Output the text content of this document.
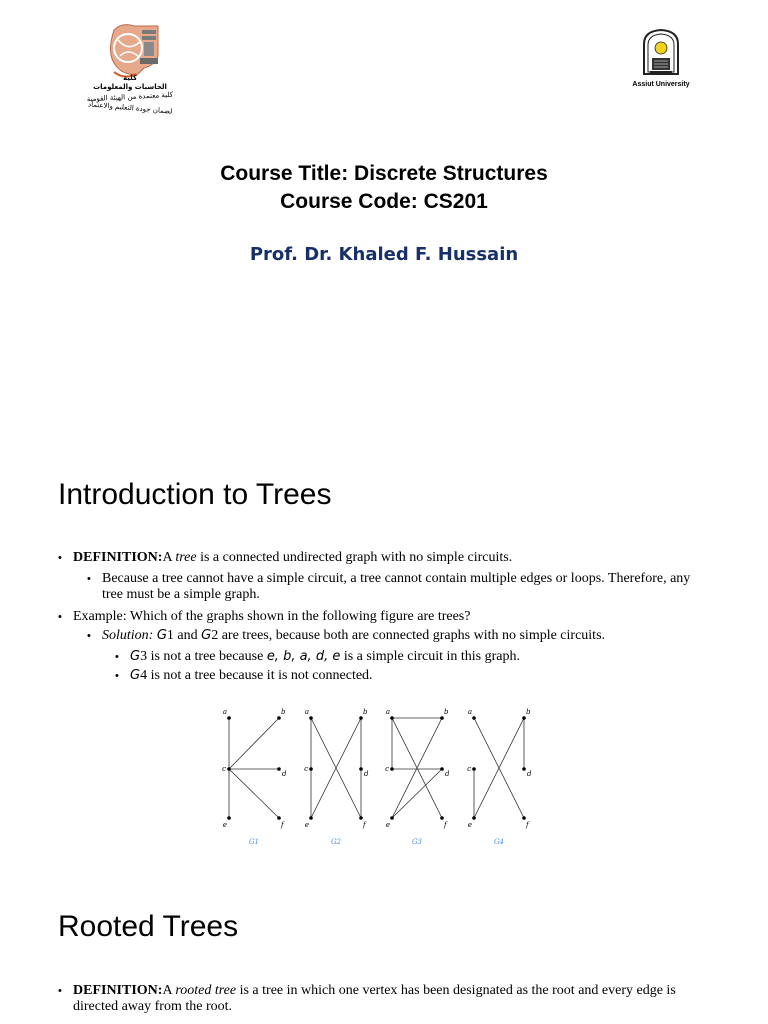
كلية
الحاسبات والمعلومات
كلية معتمدة من الهيئة القومية
لضمان جودة التعليم والاعتماد
Assiut University
Course Title: Discrete Structures
Course Code: CS201
Prof. Dr. Khaled F. Hussain
Introduction to Trees
• DEFINITION:A tree is a connected undirected graph with no simple circuits.
• Because a tree cannot have a simple circuit, a tree cannot contain multiple edges or loops. Therefore, any
tree must be a simple graph.
• Example: Which of the graphs shown in the following figure are trees?
• Solution: G1 and G2 are trees, because both are connected graphs with no simple circuits.
• G3 is not a tree because e, b, a, d, e is a simple circuit in this graph.
• G4 is not a tree because it is not connected.
a	b
c
d
e	f
G1
a	b
c
d
e	f
G2
a	b
c
d
e	f
G3
a	b
c
d
e	f
G4
Rooted Trees
• DEFINITION:A rooted tree is a tree in which one vertex has been designated as the root and every edge is
directed away from the root.
